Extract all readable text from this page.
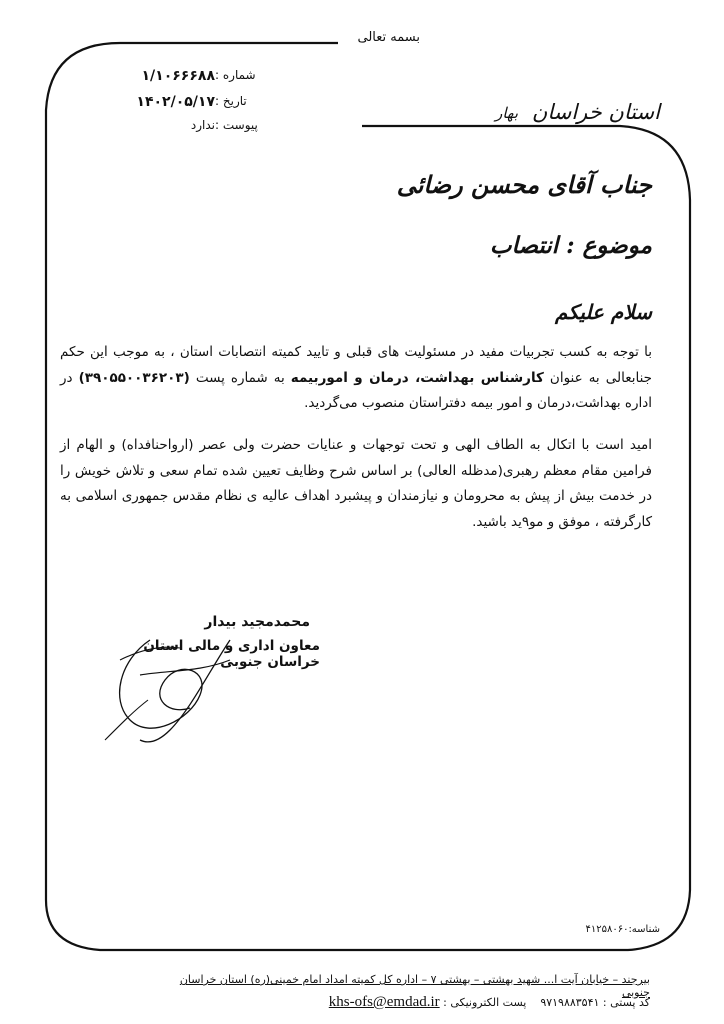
بسمه تعالی
۱/۱۰۶۶۶۸۸ شماره :
۱۴۰۲/۰۵/۱۷ تاریخ :
ندارد پیوست :
استان خراسان
بهار
جناب آقای محسن رضائی
موضوع : انتصاب
سلام علیکم
با توجه به کسب تجربیات مفید در مسئولیت های قبلی و تایید کمیته انتصابات استان ، به موجب این حکم جنابعالی به عنوان کارشناس بهداشت، درمان و اموربیمه به شماره پست (۳۹۰۵۵۰۰۳۶۲۰۳) در اداره بهداشت،درمان و امور بیمه دفتراستان منصوب می‌گردید.
امید است با اتکال به الطاف الهی و تحت توجهات و عنایات حضرت ولی عصر (ارواحنافداه) و الهام از فرامین مقام معظم رهبری(مدظله العالی) بر اساس شرح وظایف تعیین شده تمام سعی و تلاش خویش را در خدمت بیش از پیش به محرومان و نیازمندان و پیشبرد اهداف عالیه ی نظام مقدس جمهوری اسلامی به کارگرفته ، موفق و مو٩ید باشید.
محمدمجید بیدار
معاون اداری و مالی استان خراسان جنوبی
شناسه:۴۱۲۵۸۰۶۰
بیرجند – خیابان آیت ا... شهید بهشتی – بهشتی ۷ – اداره کل کمیته امداد امام خمینی(ره) استان خراسان جنوبی
کد پستی : ۹۷۱۹۸۸۳۵۴۱پست الکترونیکی : khs-ofs@emdad.ir
